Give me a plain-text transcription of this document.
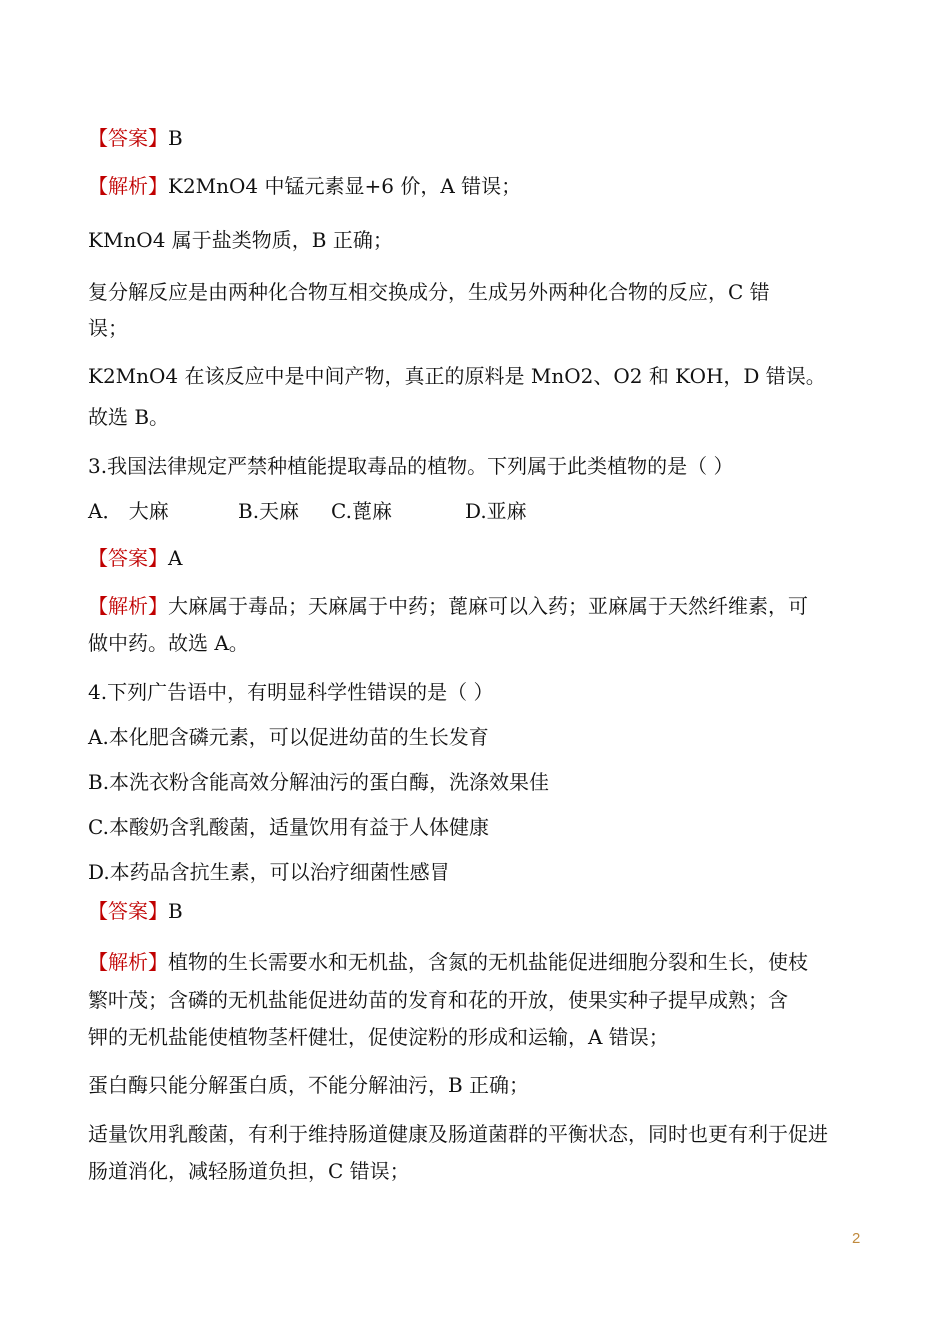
【答案】B
【解析】K2MnO4 中锰元素显+6 价，A 错误；

KMnO4 属于盐类物质，B 正确；

复分解反应是由两种化合物互相交换成分，生成另外两种化合物的反应，C 错

误；

K2MnO4 在该反应中是中间产物，真正的原料是 MnO2、O2 和 KOH，D 错误。

故选 B。

3.我国法律规定严禁种植能提取毒品的植物。下列属于此类植物的是（ ）

A． 大麻	B.天麻 C.蓖麻	D.亚麻
【答案】A
【解析】大麻属于毒品；天麻属于中药；蓖麻可以入药；亚麻属于天然纤维素，可

做中药。故选 A。

4.下列广告语中，有明显科学性错误的是（ ）

A.本化肥含磷元素，可以促进幼苗的生长发育

B.本洗衣粉含能高效分解油污的蛋白酶，洗涤效果佳

C.本酸奶含乳酸菌，适量饮用有益于人体健康

D.本药品含抗生素，可以治疗细菌性感冒

【答案】B
【解析】植物的生长需要水和无机盐，含氮的无机盐能促进细胞分裂和生长，使枝

繁叶茂；含磷的无机盐能促进幼苗的发育和花的开放，使果实种子提早成熟；含

钾的无机盐能使植物茎杆健壮，促使淀粉的形成和运输，A 错误；

蛋白酶只能分解蛋白质，不能分解油污，B 正确；

适量饮用乳酸菌，有利于维持肠道健康及肠道菌群的平衡状态，同时也更有利于促进

肠道消化，减轻肠道负担，C 错误；

2
